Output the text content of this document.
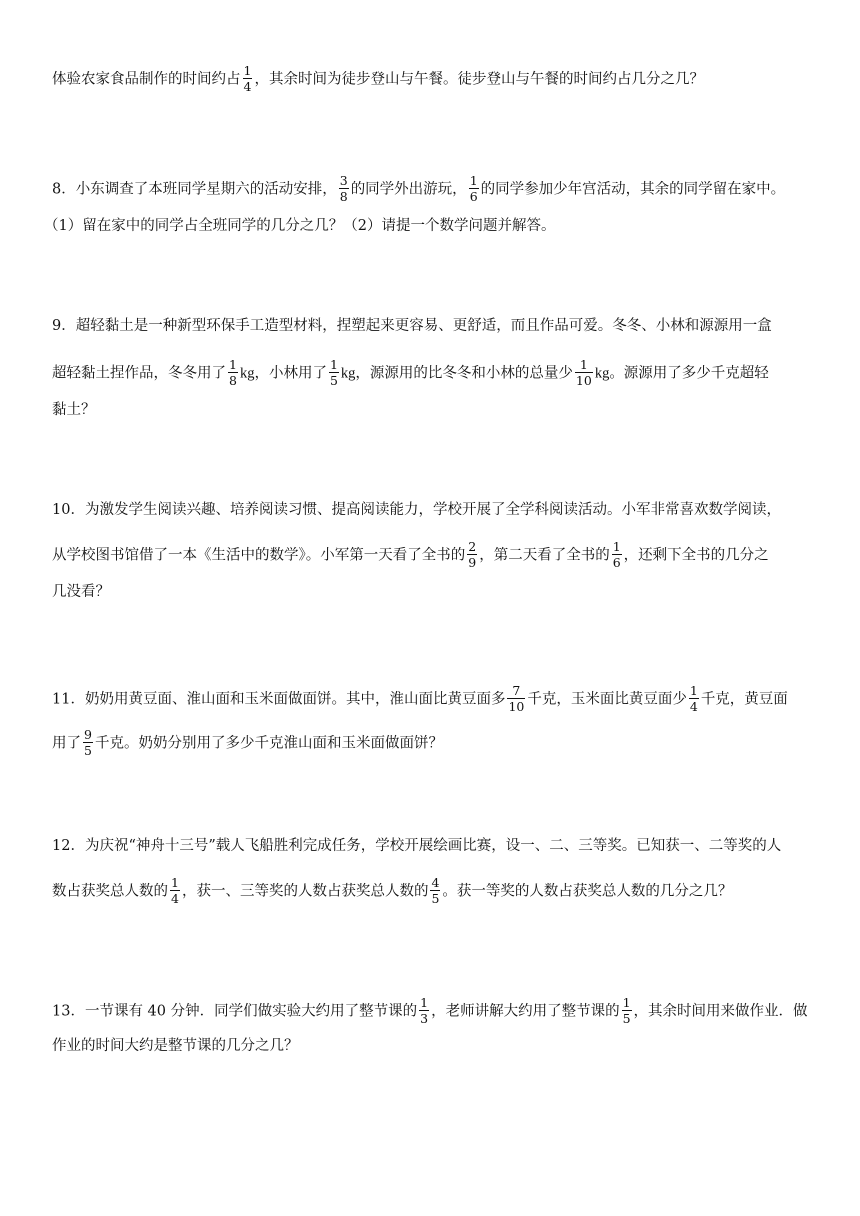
体验农家食品制作的时间约占 $\frac{1}{4}$ ，其余时间为徒步登山与午餐。徒步登山与午餐的时间约占几分之几？
8．小东调查了本班同学星期六的活动安排， $\frac{3}{8}$ 的同学外出游玩， $\frac{1}{6}$ 的同学参加少年宫活动，其余的同学留在家中。
（1）留在家中的同学占全班同学的几分之几？（2）请提一个数学问题并解答。
9．超轻黏土是一种新型环保手工造型材料，捏塑起来更容易、更舒适，而且作品可爱。冬冬、小林和源源用一盒
超轻黏土捏作品，冬冬用了 $\frac{1}{8}$ kg，小林用了 $\frac{1}{5}$ kg，源源用的比冬冬和小林的总量少 $\frac{1}{10}$ kg。源源用了多少千克超轻
黏土？
10．为激发学生阅读兴趣、培养阅读习惯、提高阅读能力，学校开展了全学科阅读活动。小军非常喜欢数学阅读，
从学校图书馆借了一本《生活中的数学》。小军第一天看了全书的 $\frac{2}{9}$ ，第二天看了全书的 $\frac{1}{6}$ ，还剩下全书的几分之
几没看？
11．奶奶用黄豆面、淮山面和玉米面做面饼。其中，淮山面比黄豆面多 $\frac{7}{10}$ 千克，玉米面比黄豆面少 $\frac{1}{4}$ 千克，黄豆面
用了 $\frac{9}{5}$ 千克。奶奶分别用了多少千克淮山面和玉米面做面饼？
12．为庆祝“神舟十三号”载人飞船胜利完成任务，学校开展绘画比赛，设一、二、三等奖。已知获一、二等奖的人
数占获奖总人数的 $\frac{1}{4}$ ，获一、三等奖的人数占获奖总人数的 $\frac{4}{5}$ 。获一等奖的人数占获奖总人数的几分之几？
13．一节课有 40 分钟．同学们做实验大约用了整节课的 $\frac{1}{3}$ ，老师讲解大约用了整节课的 $\frac{1}{5}$ ，其余时间用来做作业．做
作业的时间大约是整节课的几分之几？
